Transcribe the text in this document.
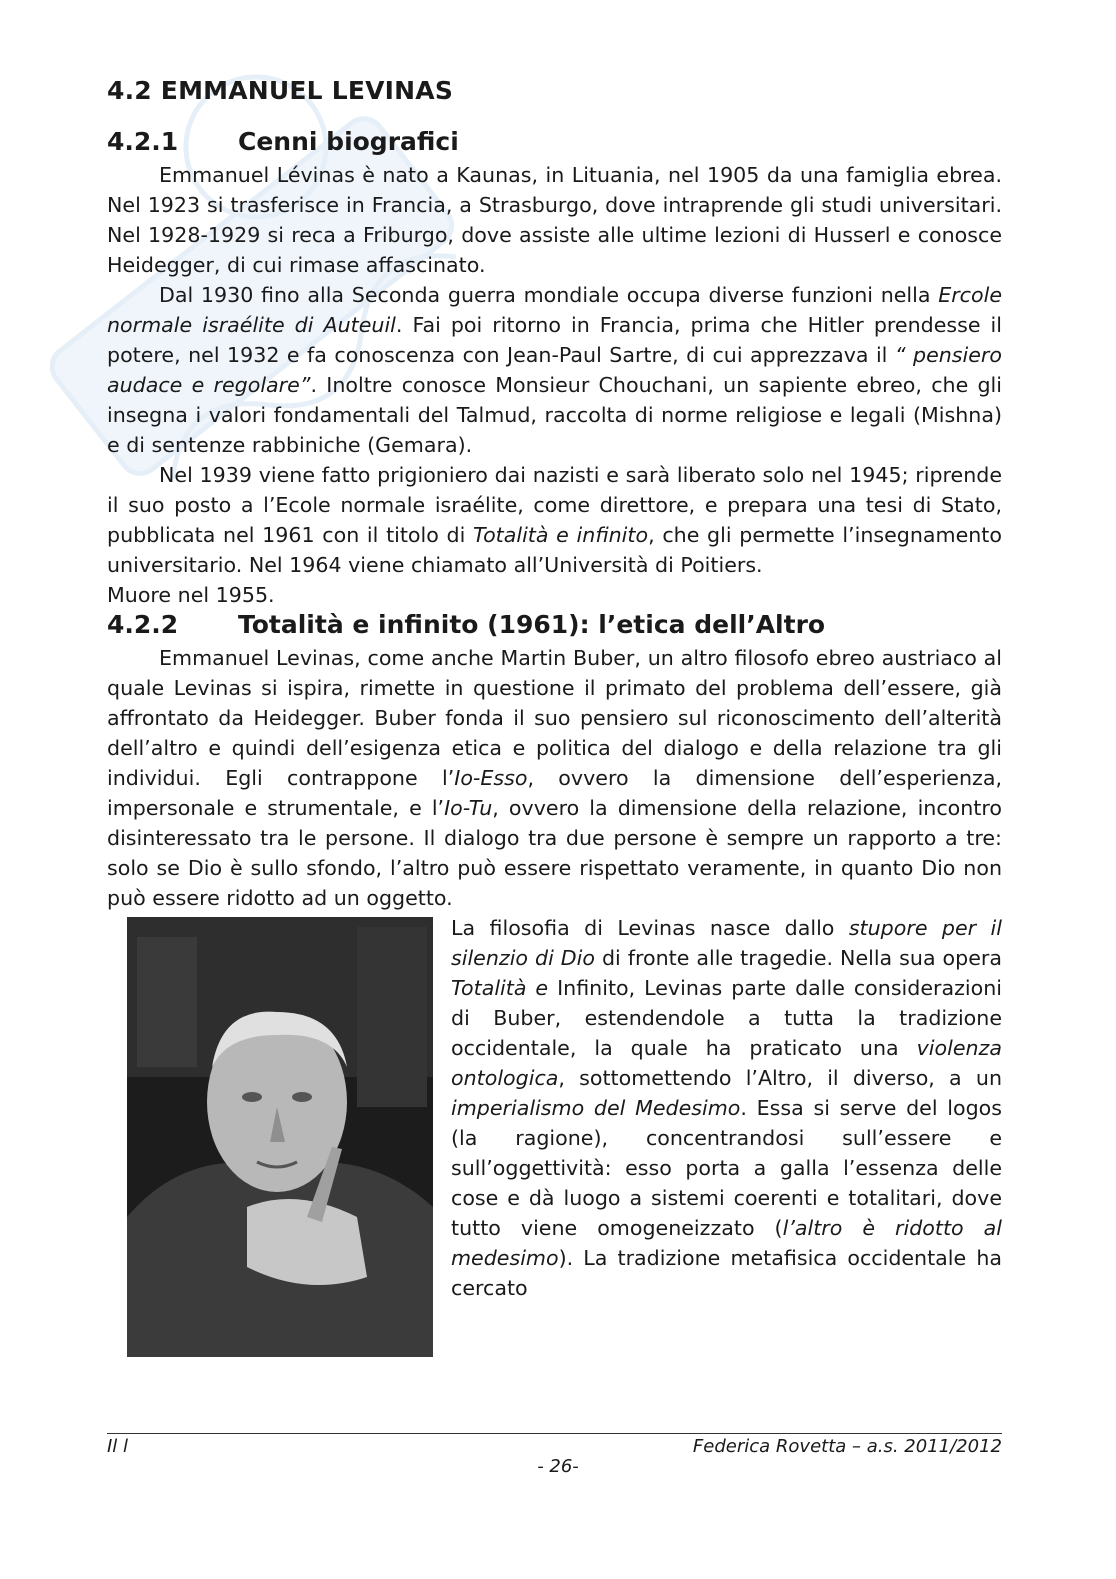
4.2 EMMANUEL LEVINAS
4.2.1	Cenni biografici

Emmanuel Lévinas è nato a Kaunas, in Lituania, nel 1905 da una famiglia ebrea. Nel 1923 si trasferisce in Francia, a Strasburgo, dove intraprende gli studi universitari. Nel 1928-1929 si reca a Friburgo, dove assiste alle ultime lezioni di Husserl e conosce Heidegger, di cui rimase affascinato.

Dal 1930 fino alla Seconda guerra mondiale occupa diverse funzioni nella Ercole normale israélite di Auteuil. Fai poi ritorno in Francia, prima che Hitler prendesse il potere, nel 1932 e fa conoscenza con Jean-Paul Sartre, di cui apprezzava il “ pensiero audace e regolare”. Inoltre conosce Monsieur Chouchani, un sapiente ebreo, che gli insegna i valori fondamentali del Talmud, raccolta di norme religiose e legali (Mishna) e di sentenze rabbiniche (Gemara).

Nel 1939 viene fatto prigioniero dai nazisti e sarà liberato solo nel 1945; riprende il suo posto a l’Ecole normale israélite, come direttore, e prepara una tesi di Stato, pubblicata nel 1961 con il titolo di Totalità e infinito, che gli permette l’insegnamento universitario. Nel 1964 viene chiamato all’Università di Poitiers.

Muore nel 1955.

4.2.2	Totalità e infinito (1961): l’etica dell’Altro

Emmanuel Levinas, come anche Martin Buber, un altro filosofo ebreo austriaco al quale Levinas si ispira, rimette in questione il primato del problema dell’essere, già affrontato da Heidegger. Buber fonda il suo pensiero sul riconoscimento dell’alterità dell’altro e quindi dell’esigenza etica e politica del dialogo e della relazione tra gli individui. Egli contrappone l’Io-Esso, ovvero la dimensione dell’esperienza, impersonale e strumentale, e l’Io-Tu, ovvero la dimensione della relazione, incontro disinteressato tra le persone. Il dialogo tra due persone è sempre un rapporto a tre: solo se Dio è sullo sfondo, l’altro può essere rispettato veramente, in quanto Dio non può essere ridotto ad un oggetto.

La filosofia di Levinas nasce dallo stupore per il silenzio di Dio di fronte alle tragedie. Nella sua opera Totalità e Infinito, Levinas parte dalle considerazioni di Buber, estendendole a tutta la tradizione occidentale, la quale ha praticato una violenza ontologica, sottomettendo l’Altro, il diverso, a un imperialismo del Medesimo. Essa si serve del logos (la ragione), concentrandosi sull’essere e sull’oggettività: esso porta a galla l’essenza delle cose e dà luogo a sistemi coerenti e totalitari, dove tutto viene omogeneizzato (l’altro è ridotto al medesimo). La tradizione metafisica occidentale ha cercato

Il l	Federica Rovetta – a.s. 2011/2012
- 26-
